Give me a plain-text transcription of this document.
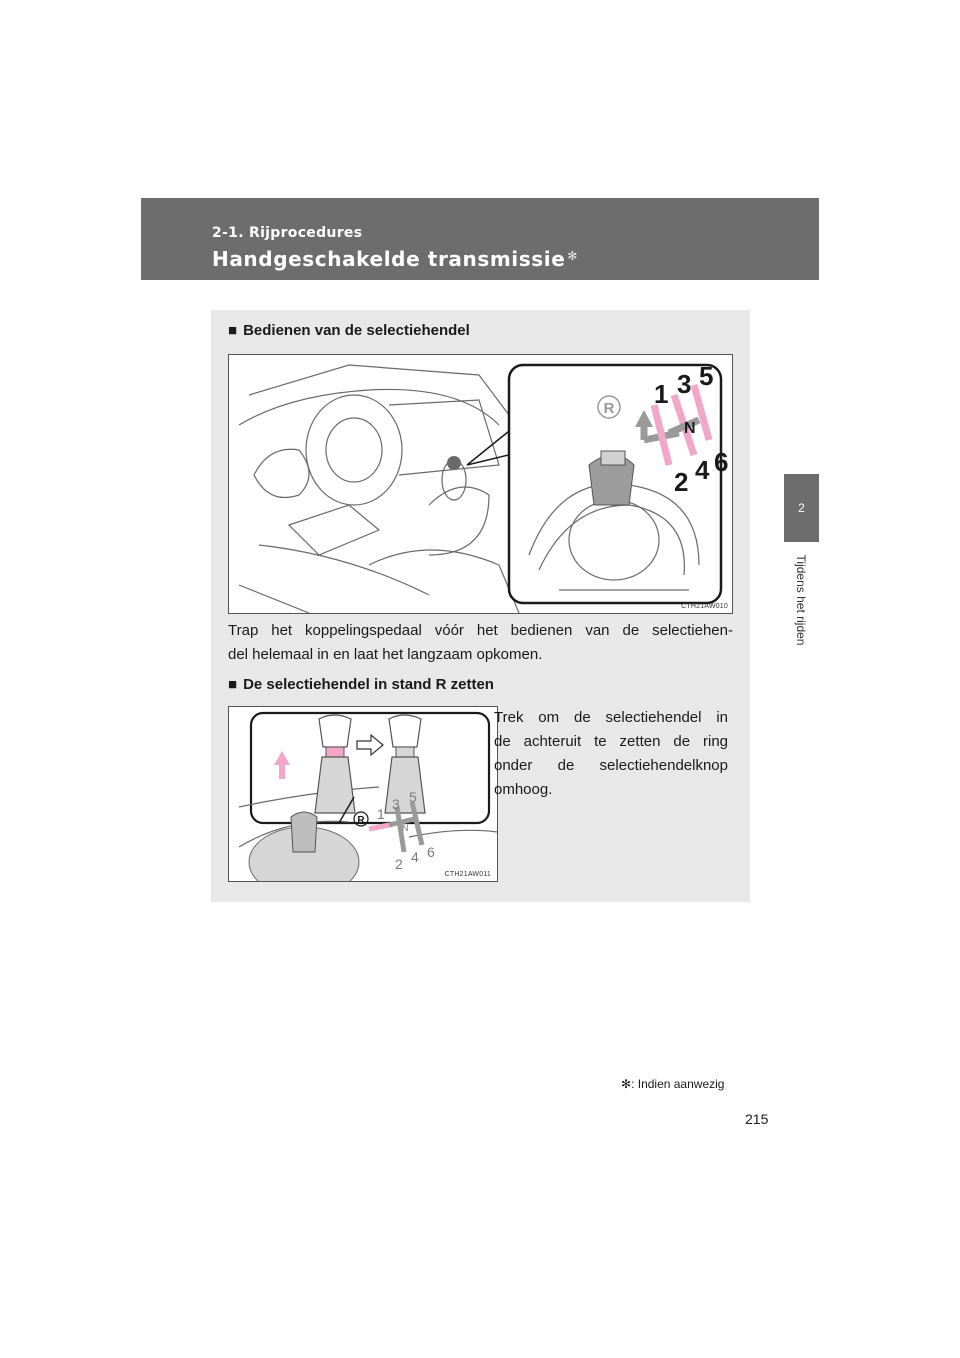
2-1. Rijprocedures
Handgeschakelde transmissie ✻
2
Tijdens het rijden
■ Bedienen van de selectiehendel
1 3 5
N
2 4 6
R
CTH21AW010
Trap het koppelingspedaal vóór het bedienen van de selectiehen-
del helemaal in en laat het langzaam opkomen.
■ De selectiehendel in stand R zetten
R 1
3 5
N
2 4 6
CTH21AW011
Trek om de selectiehendel in
de achteruit te zetten de ring
onder de selectiehendelknop
omhoog.
✻: Indien aanwezig
215
